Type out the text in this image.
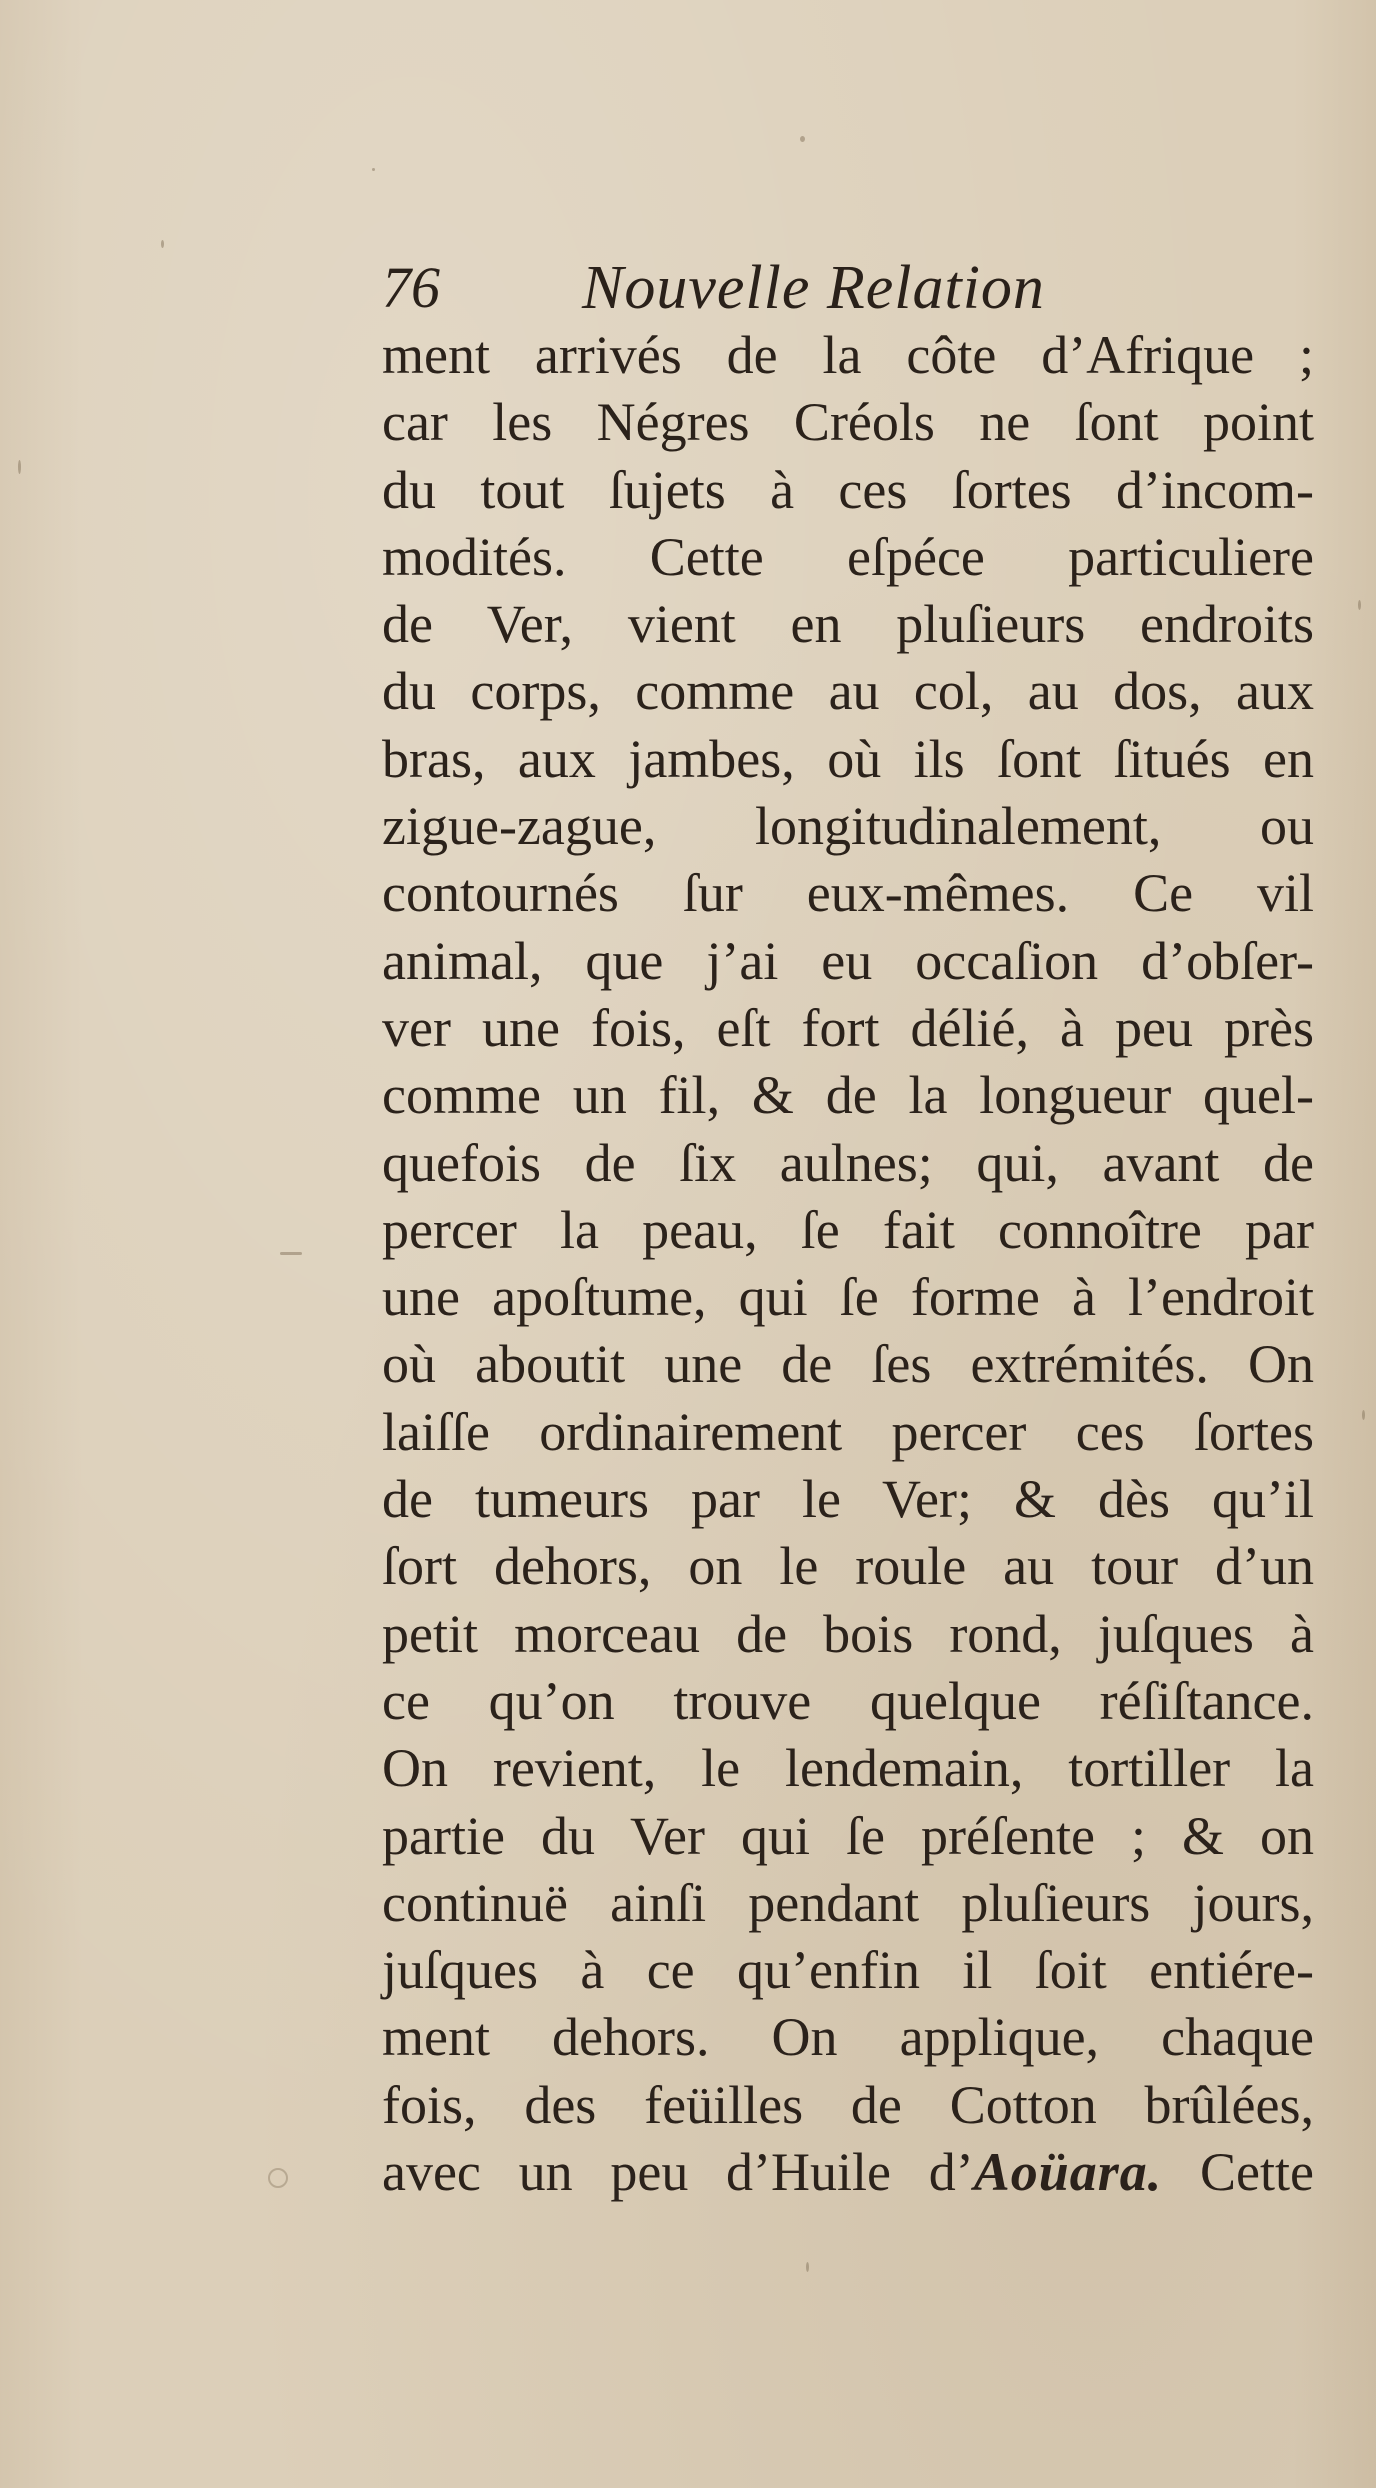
76 Nouvelle Relation
ment arrivés de la côte d’Afrique ;
car les Négres Créols ne ſont point
du tout ſujets à ces ſortes d’incom-
modités. Cette eſpéce particuliere
de Ver, vient en pluſieurs endroits
du corps, comme au col, au dos, aux
bras, aux jambes, où ils ſont ſitués en
zigue-zague, longitudinalement, ou
contournés ſur eux-mêmes. Ce vil
animal, que j’ai eu occaſion d’obſer-
ver une fois, eſt fort délié, à peu près
comme un fil, & de la longueur quel-
quefois de ſix aulnes; qui, avant de
percer la peau, ſe fait connoître par
une apoſtume, qui ſe forme à l’endroit
où aboutit une de ſes extrémités. On
laiſſe ordinairement percer ces ſortes
de tumeurs par le Ver; & dès qu’il
ſort dehors, on le roule au tour d’un
petit morceau de bois rond, juſques à
ce qu’on trouve quelque réſiſtance.
On revient, le lendemain, tortiller la
partie du Ver qui ſe préſente ; & on
continuë ainſi pendant pluſieurs jours,
juſques à ce qu’enfin il ſoit entiére-
ment dehors. On applique, chaque
fois, des feüilles de Cotton brûlées,
avec un peu d’Huile d’Aoüara. Cette
